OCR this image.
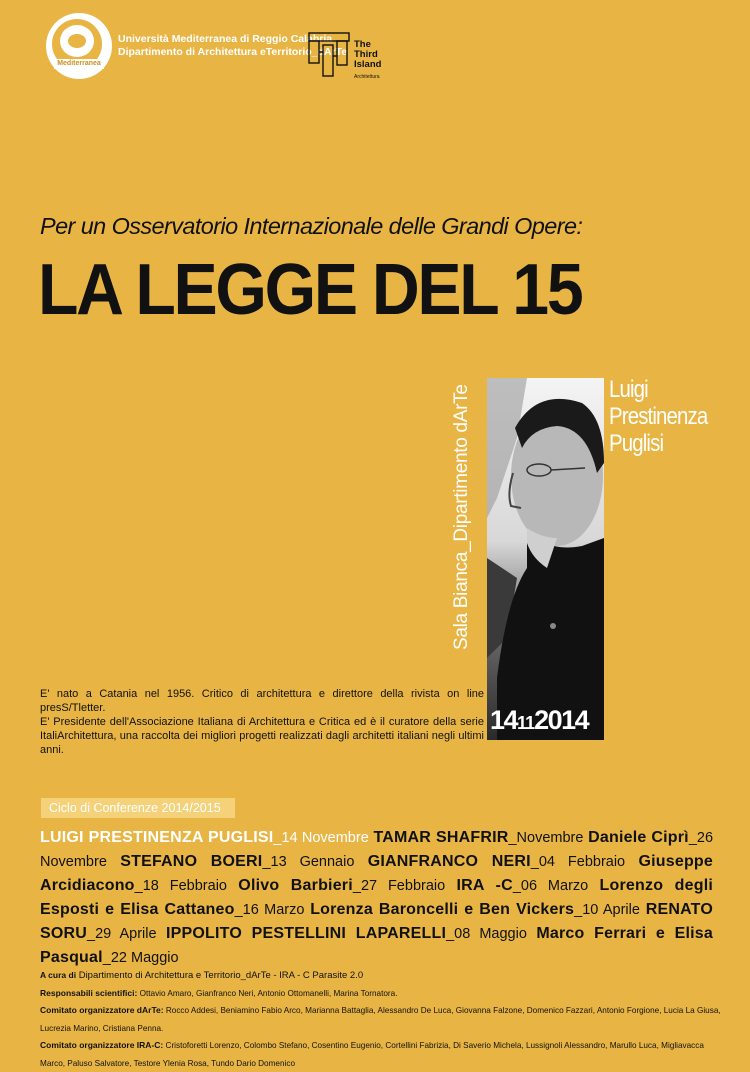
Mediterranea
Università Mediterranea di Reggio Calabria
Dipartimento di Architettura eTerritorio_dArTe
The
Third
Island
Architettura
Per un Osservatorio Internazionale delle Grandi Opere:
LA LEGGE DEL 15
Sala Bianca_Dipartimento dArTe	Luigi
Prestinenza
Puglisi
14112014
E' nato a Catania nel 1956. Critico di architettura e direttore della rivista on line presS/Tletter.
E' Presidente dell'Associazione Italiana di Architettura e Critica ed è il curatore della serie ItaliArchitettura, una raccolta dei migliori progetti realizzati dagli architetti italiani negli ultimi anni.
Ciclo di Conferenze 2014/2015
LUIGI PRESTINENZA PUGLISI_14 Novembre TAMAR SHAFRIR_Novembre Daniele Ciprì_26 Novembre STEFANO BOERI_13 Gennaio GIANFRANCO NERI_04 Febbraio Giuseppe Arcidiacono_18 Febbraio Olivo Barbieri_27 Febbraio IRA -C_06 Marzo Lorenzo degli Esposti e Elisa Cattaneo_16 Marzo Lorenza Baroncelli e Ben Vickers_10 Aprile RENATO SORU_29 Aprile IPPOLITO PESTELLINI LAPARELLI_08 Maggio Marco Ferrari e Elisa Pasqual_22 Maggio
A cura di Dipartimento di Architettura e Territorio_dArTe - IRA - C Parasite 2.0
Responsabili scientifici: Ottavio Amaro, Gianfranco Neri, Antonio Ottomanelli, Marina Tornatora.
Comitato organizzatore dArTe: Rocco Addesi, Beniamino Fabio Arco, Marianna Battaglia, Alessandro De Luca, Giovanna Falzone, Domenico Fazzari, Antonio Forgione, Lucia La Giusa, Lucrezia Marino, Cristiana Penna.
Comitato organizzatore IRA-C: Cristoforetti Lorenzo, Colombo Stefano, Cosentino Eugenio, Cortellini Fabrizia, Di Saverio Michela, Lussignoli Alessandro, Marullo Luca, Migliavacca Marco, Paluso Salvatore, Testore Ylenia Rosa, Tundo Dario Domenico
